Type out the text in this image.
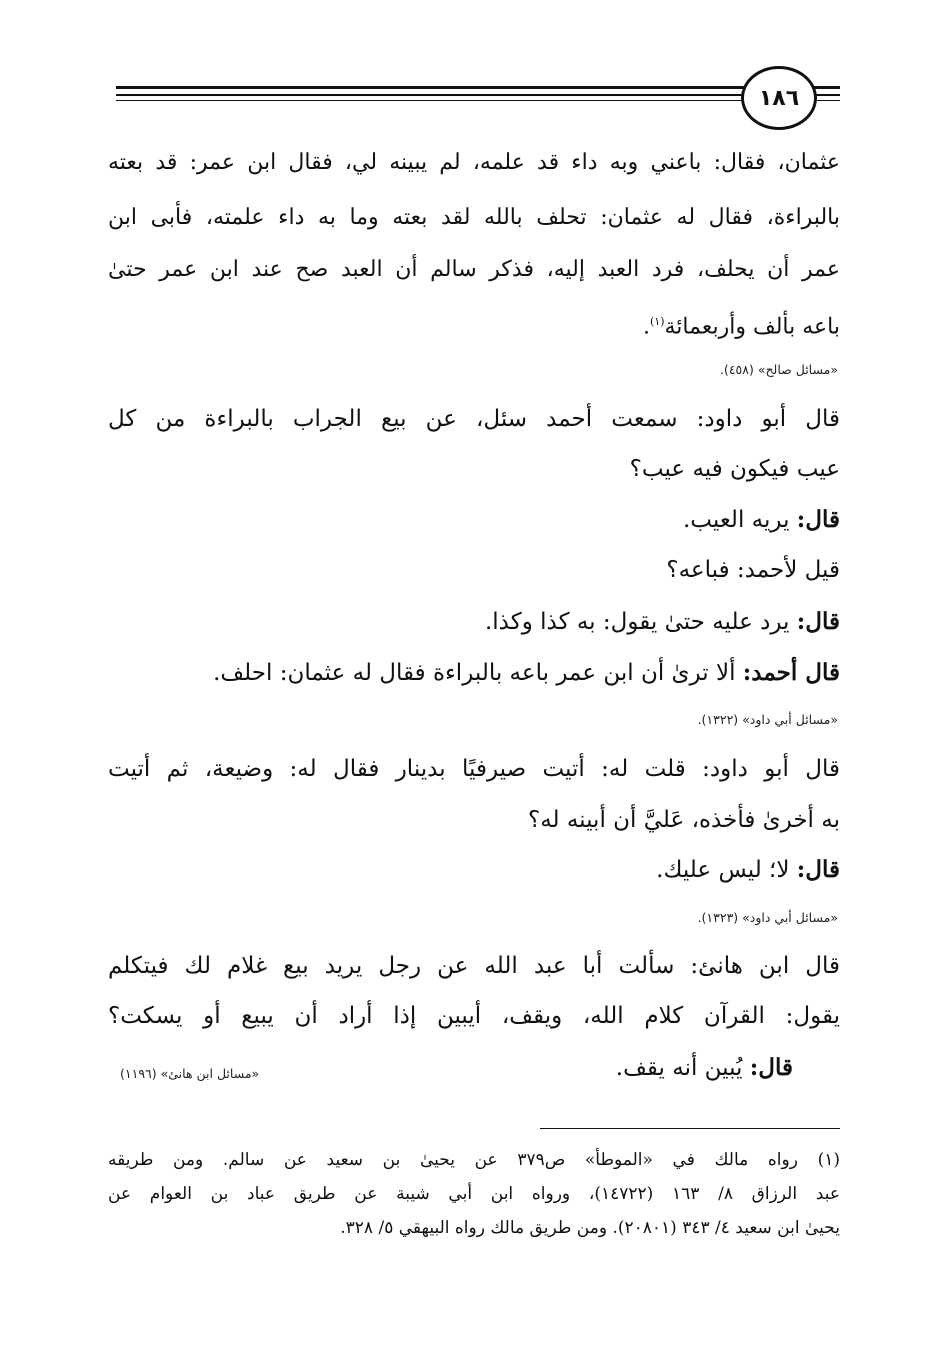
١٨٦
عثمان، فقال: باعني وبه داء قد علمه، لم يبينه لي، فقال ابن عمر: قد بعته
بالبراءة، فقال له عثمان: تحلف بالله لقد بعته وما به داء علمته، فأبى ابن
عمر أن يحلف، فرد العبد إليه، فذكر سالم أن العبد صح عند ابن عمر حتىٰ
باعه بألف وأربعمائة$^{(١)}$.
«مسائل صالح» (٤٥٨).
قال أبو داود: سمعت أحمد سئل، عن بيع الجراب بالبراءة من كل
عيب فيكون فيه عيب؟
قال: يريه العيب.
قيل لأحمد: فباعه؟
قال: يرد عليه حتىٰ يقول: به كذا وكذا.
قال أحمد: ألا ترىٰ أن ابن عمر باعه بالبراءة فقال له عثمان: احلف.
«مسائل أبي داود» (١٣٢٢).
قال أبو داود: قلت له: أتيت صيرفيًا بدينار فقال له: وضيعة، ثم أتيت
به أخرىٰ فأخذه، عَليَّ أن أبينه له؟
قال: لا؛ ليس عليك.
«مسائل أبي داود» (١٣٢٣).
قال ابن هانئ: سألت أبا عبد الله عن رجل يريد بيع غلام لك فيتكلم
يقول: القرآن كلام الله، ويقف، أيبين إذا أراد أن يبيع أو يسكت؟
قال: يُبين أنه يقف.
«مسائل ابن هانئ» (١١٩٦)
(١) رواه مالك في «الموطأ» ص٣٧٩ عن يحيىٰ بن سعيد عن سالم. ومن طريقه
عبد الرزاق ٨/ ١٦٣ (١٤٧٢٢)، ورواه ابن أبي شيبة عن طريق عباد بن العوام عن
يحيىٰ ابن سعيد ٤/ ٣٤٣ (٢٠٨٠١). ومن طريق مالك رواه البيهقي ٥/ ٣٢٨.
